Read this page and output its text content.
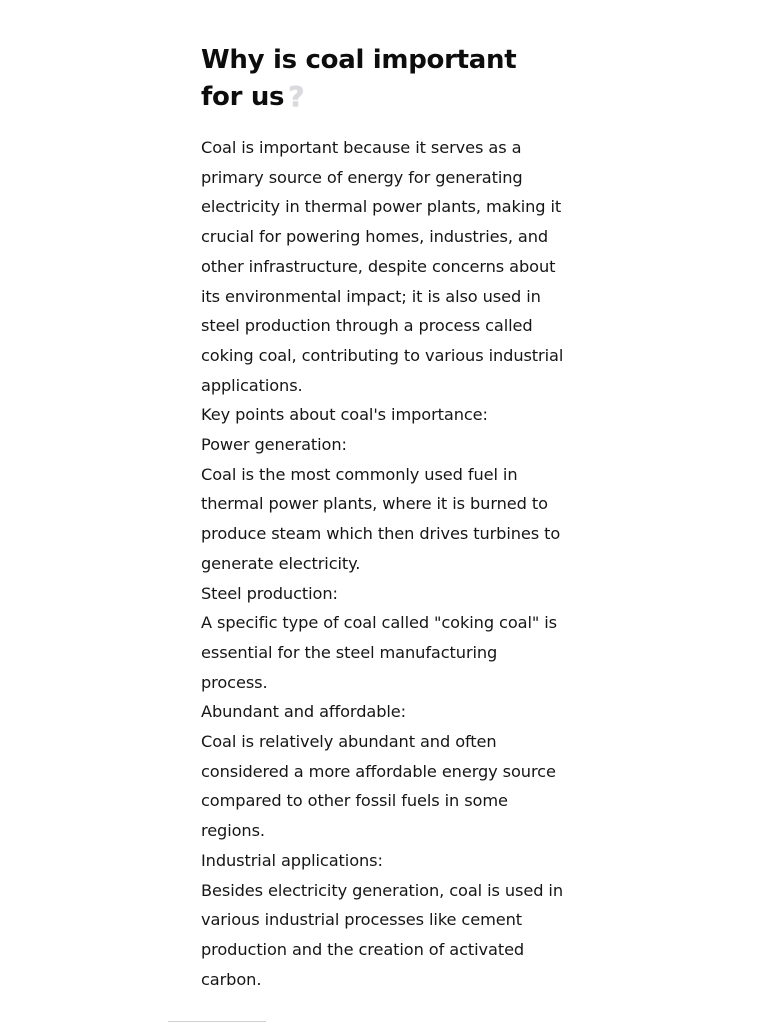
Why is coal important for us ?

Coal is important because it serves as a primary source of energy for generating electricity in thermal power plants, making it crucial for powering homes, industries, and other infrastructure, despite concerns about its environmental impact; it is also used in steel production through a process called coking coal, contributing to various industrial applications.

Key points about coal's importance:

Power generation:

Coal is the most commonly used fuel in thermal power plants, where it is burned to produce steam which then drives turbines to generate electricity.

Steel production:

A specific type of coal called "coking coal" is essential for the steel manufacturing process.

Abundant and affordable:

Coal is relatively abundant and often considered a more affordable energy source compared to other fossil fuels in some regions.

Industrial applications:

Besides electricity generation, coal is used in various industrial processes like cement production and the creation of activated carbon.
